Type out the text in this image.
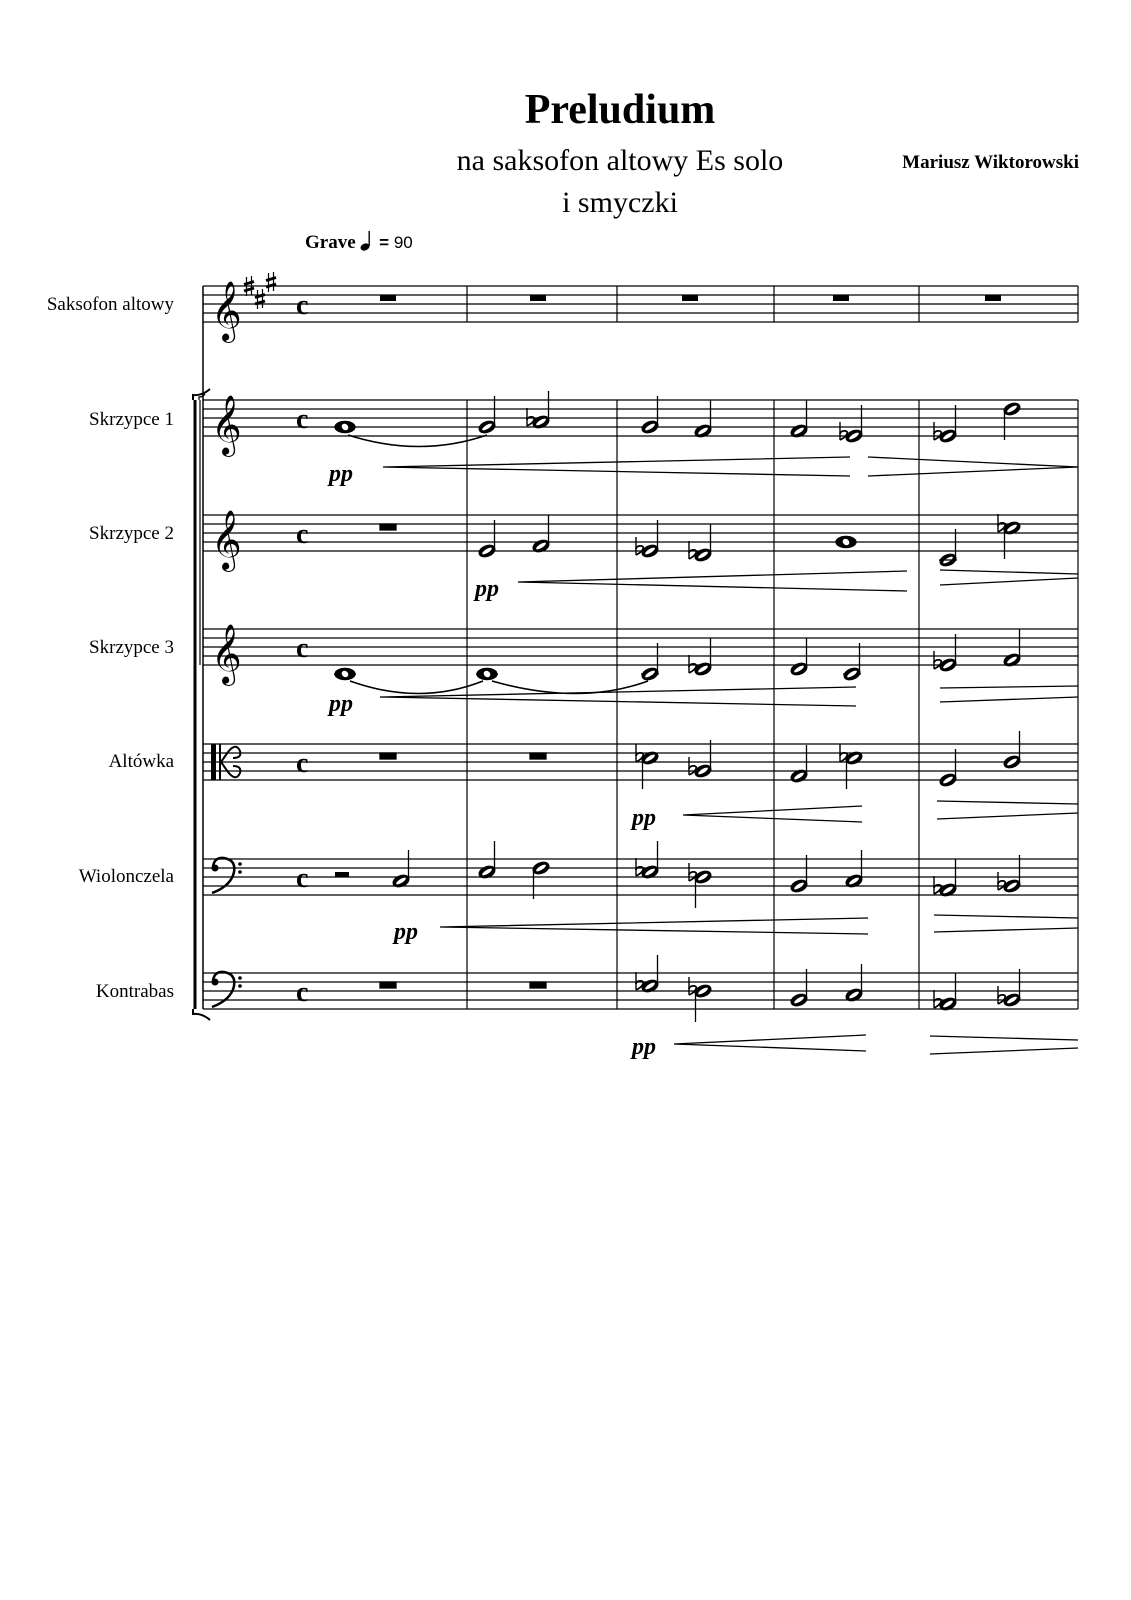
Preludium
na saksofon altowy Es solo
i smyczki
Mariusz Wiktorowski
Grave = 90
Saksofon altowy
Skrzypce 1
Skrzypce 2
Skrzypce 3
Altówka
Wiolonczela
Kontrabas
𝄞
𝄞
𝄞
𝄞
c
c
c
c
c
c
c
pp
pp
pp
pp
pp
pp
